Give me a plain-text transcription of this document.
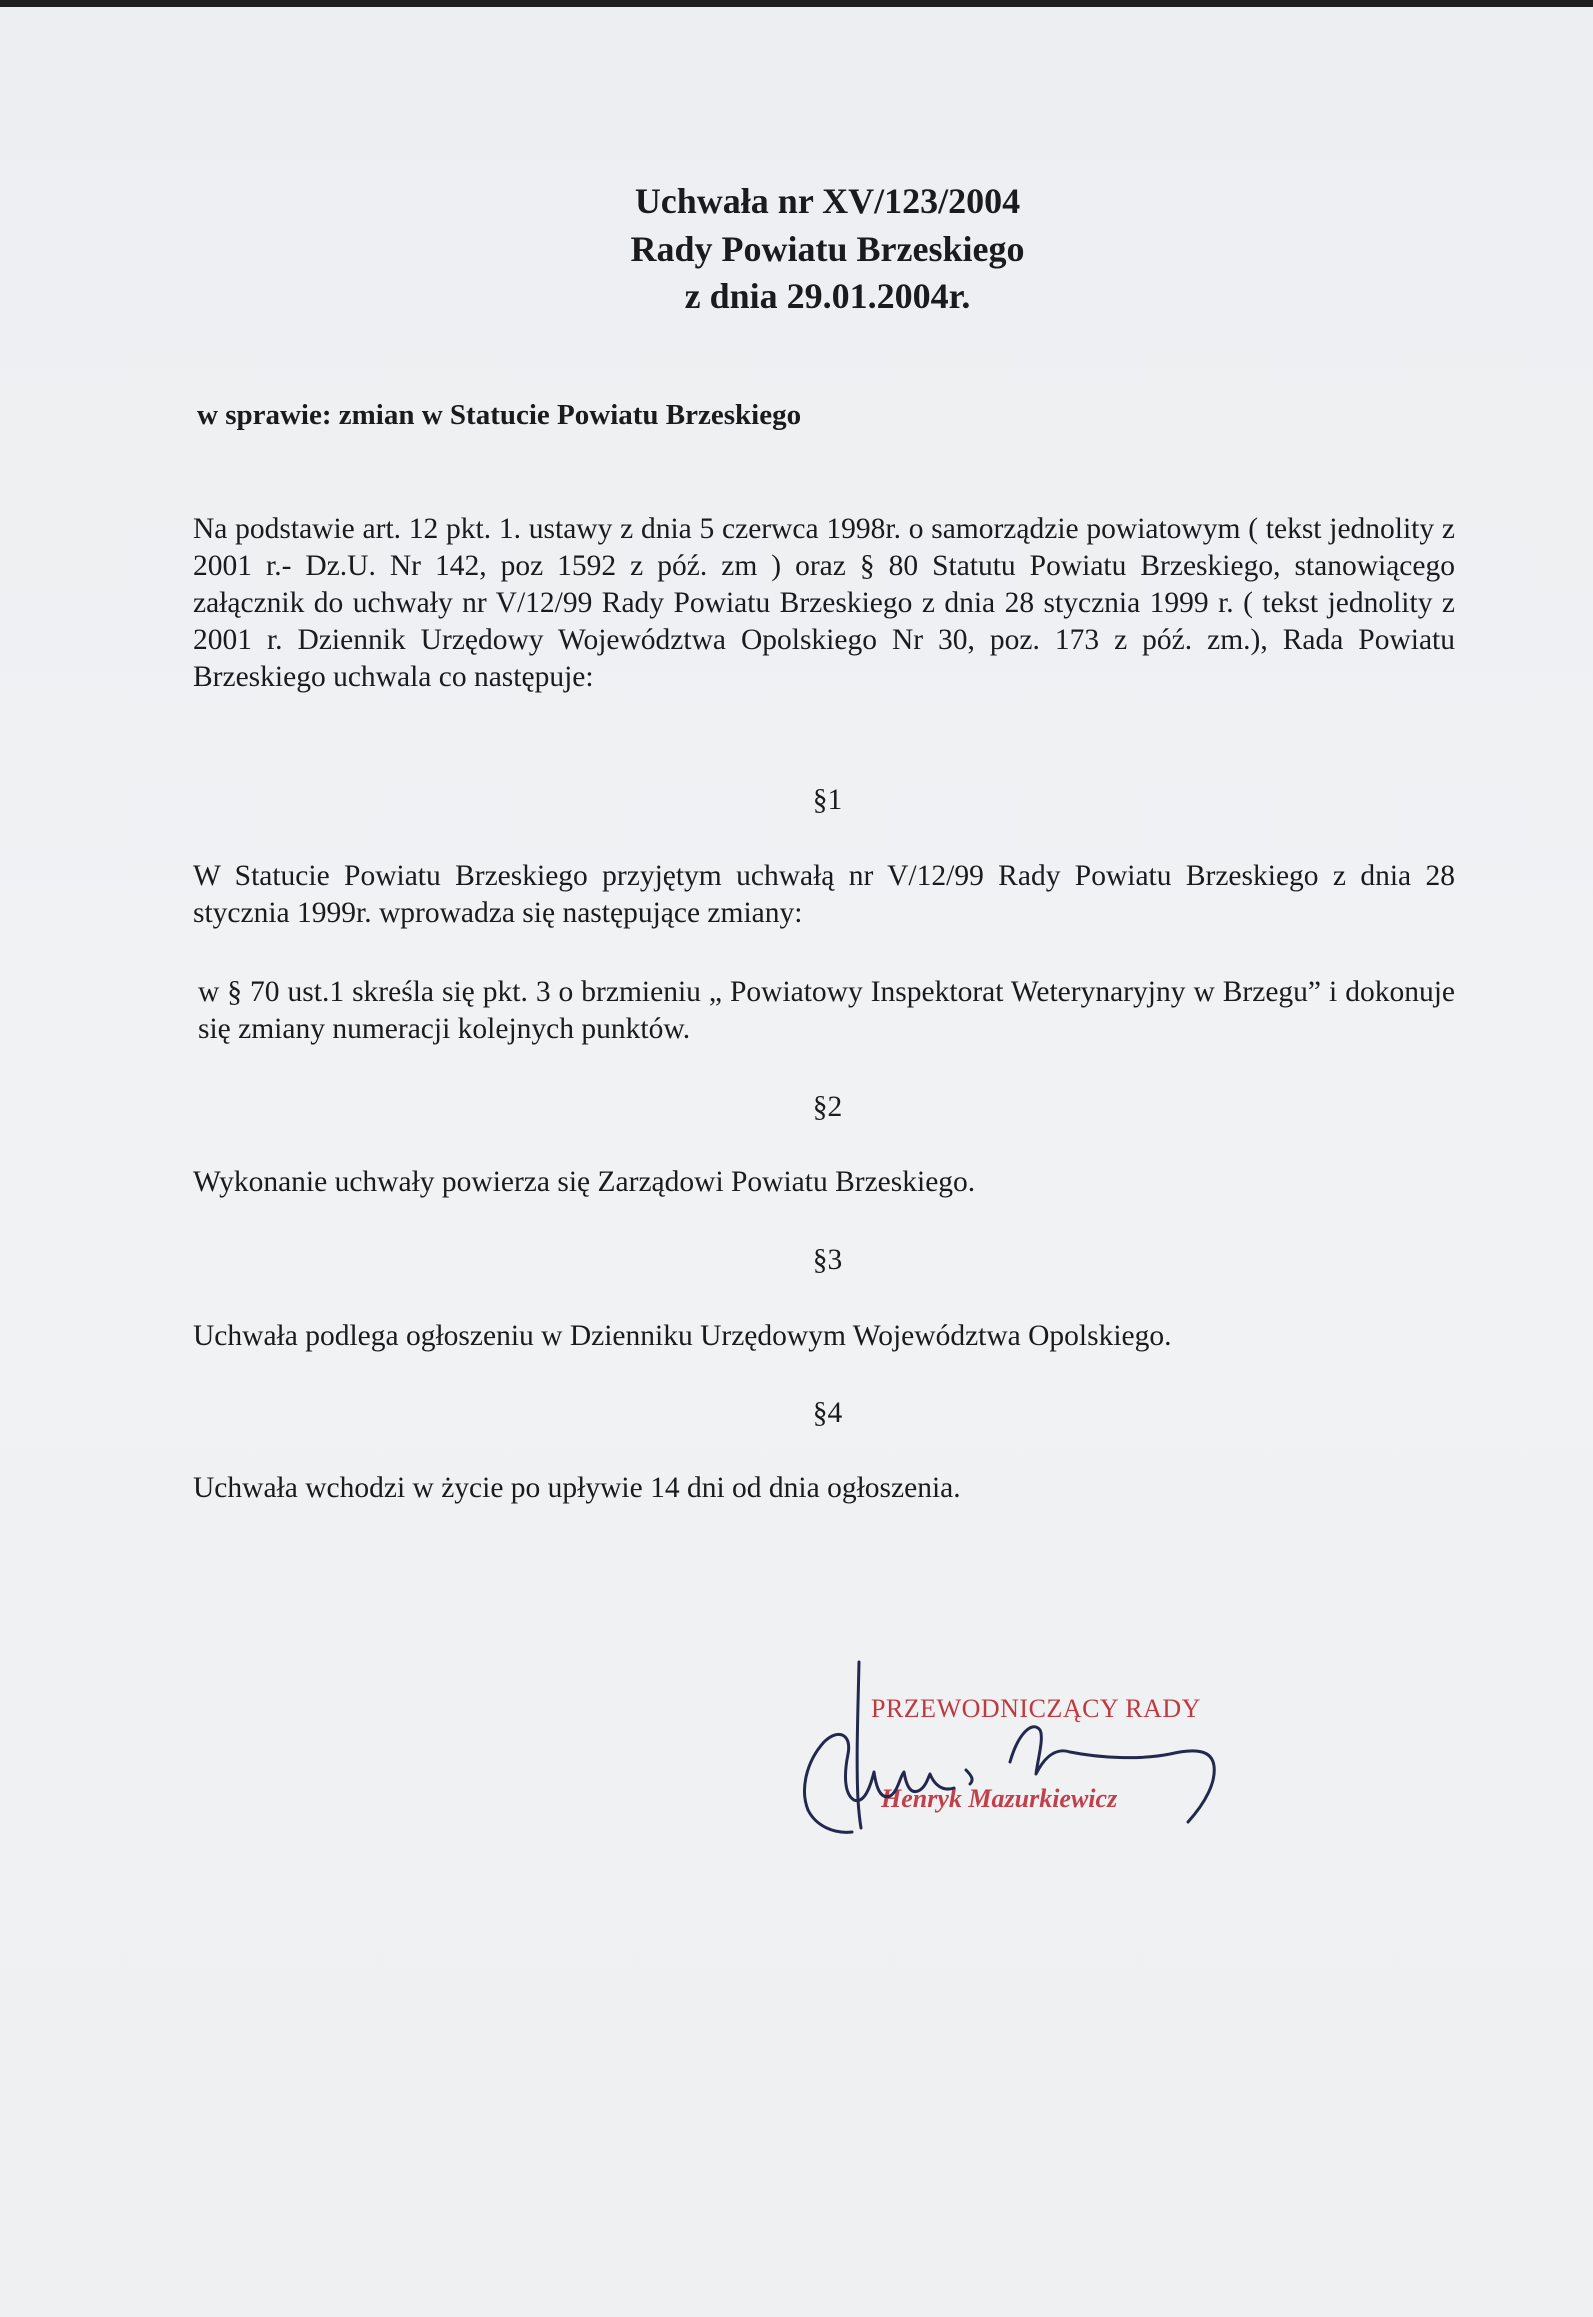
Uchwała nr XV/123/2004
Rady Powiatu Brzeskiego
z dnia 29.01.2004r.

w sprawie: zmian w Statucie Powiatu Brzeskiego

Na podstawie art. 12 pkt. 1. ustawy z dnia 5 czerwca 1998r. o samorządzie powiatowym ( tekst jednolity z 2001 r.- Dz.U. Nr 142, poz 1592 z póź. zm ) oraz § 80 Statutu Powiatu Brzeskiego, stanowiącego załącznik do uchwały nr V/12/99 Rady Powiatu Brzeskiego z dnia 28 stycznia 1999 r. ( tekst jednolity z 2001 r. Dziennik Urzędowy Województwa Opolskiego Nr 30, poz. 173 z póź. zm.), Rada Powiatu Brzeskiego uchwala co następuje:

§1

W Statucie Powiatu Brzeskiego przyjętym uchwałą nr V/12/99 Rady Powiatu Brzeskiego z dnia 28 stycznia 1999r. wprowadza się następujące zmiany:

w § 70 ust.1 skreśla się pkt. 3 o brzmieniu „ Powiatowy Inspektorat Weterynaryjny w Brzegu” i dokonuje się zmiany numeracji kolejnych punktów.

§2

Wykonanie uchwały powierza się Zarządowi Powiatu Brzeskiego.

§3

Uchwała podlega ogłoszeniu w Dzienniku Urzędowym Województwa Opolskiego.

§4

Uchwała wchodzi w życie po upływie 14 dni od dnia ogłoszenia.

PRZEWODNICZĄCY RADY
Henryk Mazurkiewicz
